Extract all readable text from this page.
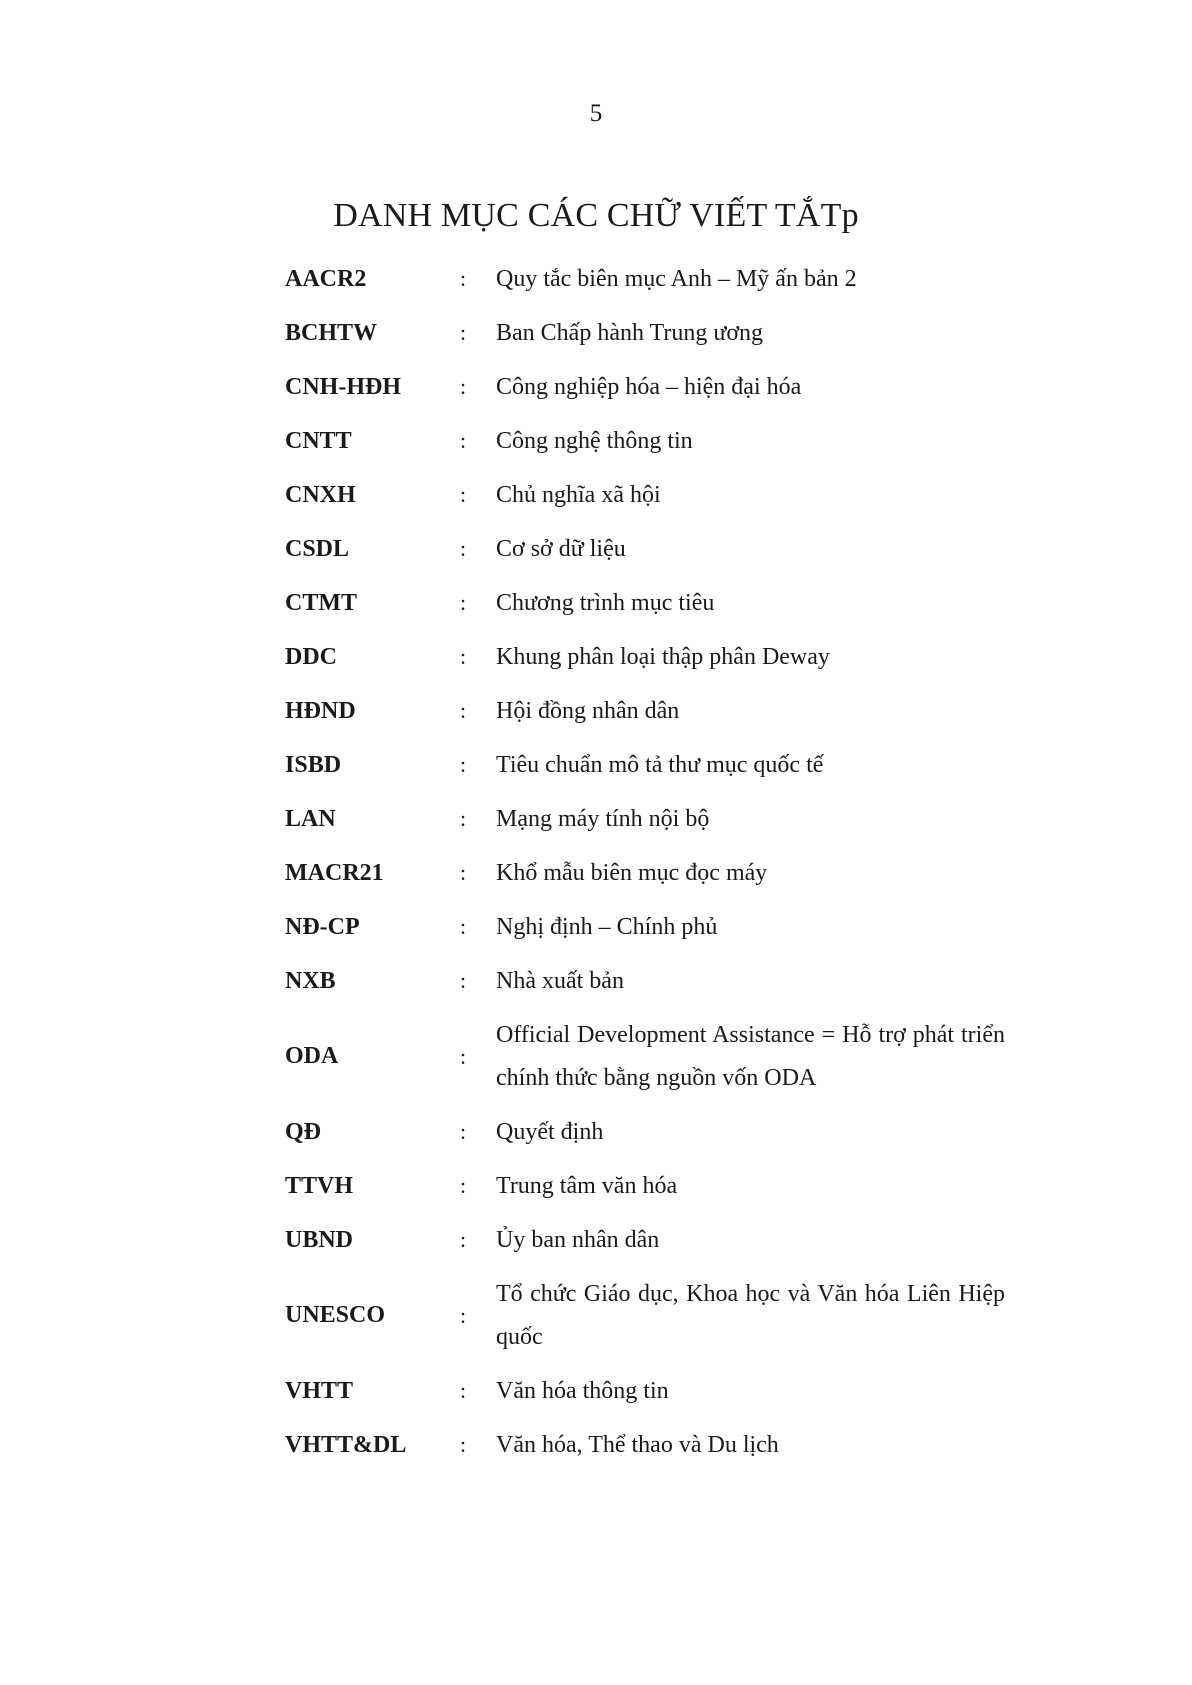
5
DANH MỤC CÁC CHỮ VIẾT TẮTp
AACR2	:	Quy tắc biên mục Anh – Mỹ ấn bản 2
BCHTW	:	Ban Chấp hành Trung ương
CNH-HĐH	:	Công nghiệp hóa – hiện đại hóa
CNTT	:	Công nghệ thông tin
CNXH	:	Chủ nghĩa xã hội
CSDL	:	Cơ sở dữ liệu
CTMT	:	Chương trình mục tiêu
DDC	:	Khung phân loại thập phân Deway
HĐND	:	Hội đồng nhân dân
ISBD	:	Tiêu chuẩn mô tả thư mục quốc tế
LAN	:	Mạng máy tính nội bộ
MACR21	:	Khổ mẫu biên mục đọc máy
NĐ-CP	:	Nghị định – Chính phủ
NXB	:	Nhà xuất bản
ODA	:
Official Development Assistance = Hỗ trợ phát triển chính thức bằng nguồn vốn ODA
QĐ	:	Quyết định
TTVH	:	Trung tâm văn hóa
UBND	:	Ủy ban nhân dân
UNESCO	:
Tổ chức Giáo dục, Khoa học và Văn hóa Liên Hiệp quốc
VHTT	:	Văn hóa thông tin
VHTT&DL	:	Văn hóa, Thể thao và Du lịch
